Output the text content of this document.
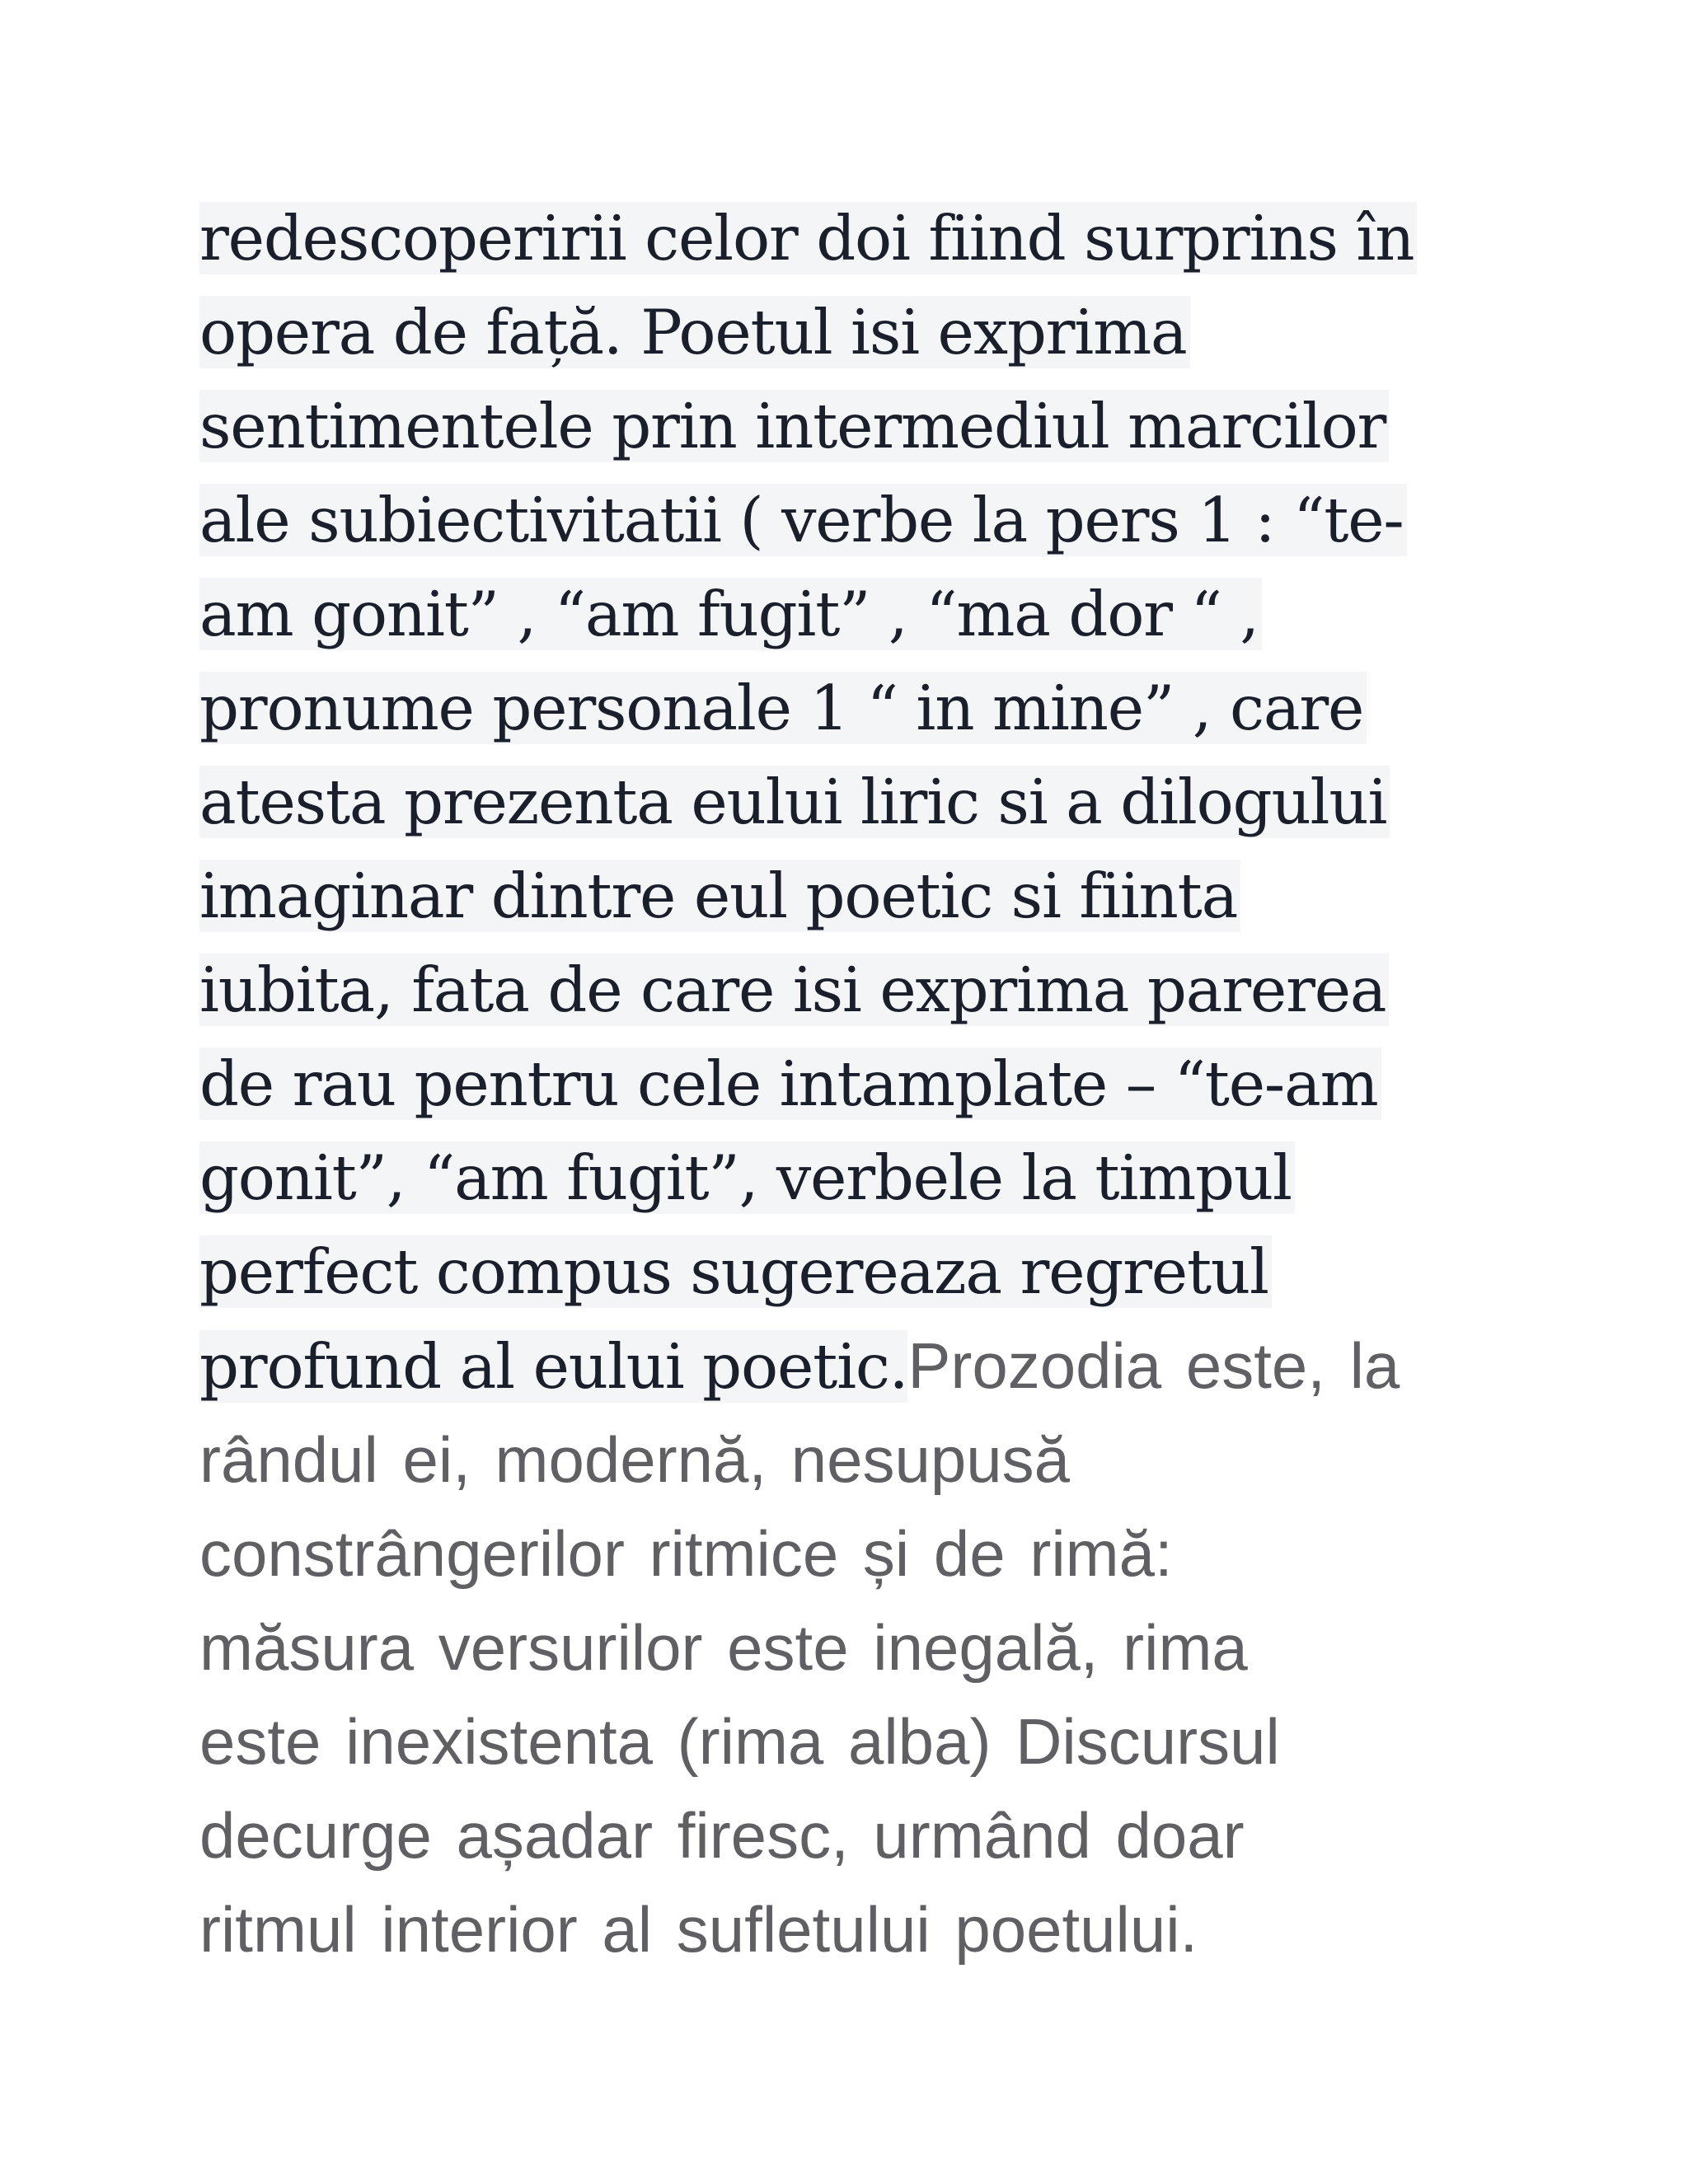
redescoperirii celor doi fiind surprins în
opera de față. Poetul isi exprima
sentimentele prin intermediul marcilor
ale subiectivitatii ( verbe la pers 1 : “te-
am gonit” , “am fugit” , “ma dor “ ,
pronume personale 1 “ in mine” , care
atesta prezenta eului liric si a dilogului
imaginar dintre eul poetic si fiinta
iubita, fata de care isi exprima parerea
de rau pentru cele intamplate – “te-am
gonit”, “am fugit”, verbele la timpul
perfect compus sugereaza regretul
profund al eului poetic.Prozodia este, la
rândul ei, modernă, nesupusă
constrângerilor ritmice și de rimă:
măsura versurilor este inegală, rima
este inexistenta (rima alba) Discursul
decurge așadar firesc, urmând doar
ritmul interior al sufletului poetului.
